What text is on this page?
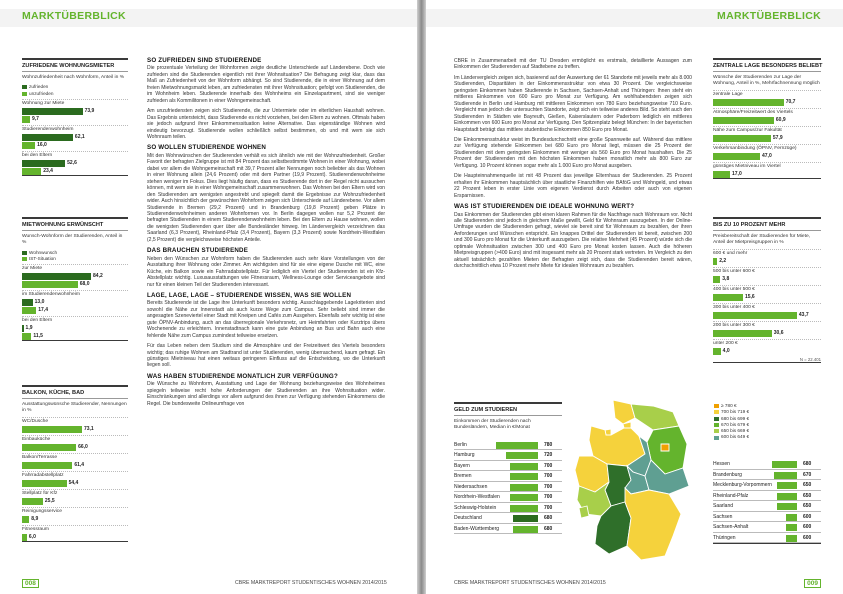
MARKTÜBERBLICK
ZUFRIEDENE WOHNUNGSMIETER
Wohnzufriedenheit nach Wohnform, Anteil in %
zufrieden
unzufrieden
Wohnung zur Miete
73,9
9,7
Studierendenwohnheim
62,1
16,0
bei den Eltern
52,6
23,4
MIETWOHNUNG ERWÜNSCHT
Wunsch-Wohnform der Studierenden, Anteil in %
Wohnwunsch
IST-Situation
zur Miete
84,2
68,0
im Studierendenwohnheim
13,0
17,4
bei den Eltern
1,9
11,5
BALKON, KÜCHE, BAD
Ausstattungswünsche Studierender, Nennungen in %
WC/Dusche
73,1
Einbauküche
66,0
Balkon/Terrasse
61,4
Fahrradabstellplatz
54,4
Stellplatz für Kfz
25,5
Reinigungsservice
8,9
Fitnessraum
6,0
SO ZUFRIEDEN SIND STUDIERENDE

Die prozentuale Verteilung der Wohnformen zeigte deutliche Unterschiede auf Länderebene. Doch wie zufrieden sind die Studierenden eigentlich mit ihrer Wohnsituation? Die Befragung zeigt klar, dass das Maß an Zufriedenheit von der Wohnform abhängt. So sind Studierende, die in einer Wohnung auf dem freien Mietwohnungsmarkt leben, am zufriedensten mit ihrer Wohnsituation; gefolgt von Studierenden, die im Wohnheim leben. Studierende innerhalb des Wohnheims ein Einzelapartment, sind sie weniger zufrieden als Kommilitonen in einer Wohngemeinschaft.

Am unzufriedensten zeigen sich Studierende, die zur Untermiete oder im elterlichen Haushalt wohnen. Das Ergebnis untersteicht, dass Studierende es nicht vorziehen, bei den Eltern zu wohnen. Oftmals haben sie jedoch aufgrund ihrer Einkommenssituation keine Alternative. Das eigenständige Wohnen wird eindeutig bevorzugt. Studierende wollen schließlich selbst bestimmen, ob und mit wem sie sich Wohnraum teilen.

SO WOLLEN STUDIERENDE WOHNEN

Mit den Wohnwünschen der Studierenden verhält es sich ähnlich wie mit der Wohnzufriedenheit. Großer Favorit der befragten Zielgruppe ist mit 84 Prozent das selbstbestimmte Wohnen in einer Wohnung, wobei dabei vor allem die Wohngemeinschaft mit 39,7 Prozent aller Nennungen noch beliebter als das Wohnen in einer Wohnung allein (24,6 Prozent) oder mit dem Partner (19,9 Prozent). Studierendenwohnheime stehen weniger im Fokus. Dies liegt häufig daran, dass es Studierende dort in der Regel nicht aussuchen können, mit wem sie in einer Wohngemeinschaft zusammenwohnen. Das Wohnen bei den Eltern wird von den Studierenden am wenigsten angestrebt und spiegelt damit die Ergebnisse zur Wohnzufriedenheit wider. Auch hinsichtlich der gewünschten Wohnform zeigen sich Unterschiede auf Länderebene. Vor allem Studierende in Bremen (29,2 Prozent) und in Brandenburg (19,8 Prozent) geben Plätze in Studierendenwohnheimen anderen Wohnformen vor. In Berlin dagegen wollen nur 5,2 Prozent der befragten Studierenden in einem Studierendenwohnheim leben. Bei den Eltern zu Hause wohnen, wollen die wenigsten Studierenden quer über alle Bundesländer hinweg. Im Ländervergleich verzeichnen das Saarland (6,3 Prozent), Rheinland-Pfalz (3,4 Prozent), Bayern (3,3 Prozent) sowie Nordrhein-Westfalen (2,5 Prozent) die vergleichsweise höchsten Anteile.

DAS BRAUCHEN STUDIERENDE

Neben den Wünschen zur Wohnform haben die Studierenden auch sehr klare Vorstellungen von der Ausstattung ihrer Wohnung oder Zimmer. Am wichtigsten sind für sie eine eigene Dusche mit WC, eine Küche, ein Balkon sowie ein Fahrradabstellplatz. Für lediglich ein Viertel der Studierenden ist ein Kfz-Abstellplatz wichtig. Luxusausstattungen wie Fitnessraum, Wellness-Lounge oder Serviceangebote sind nur für einen kleinen Teil der Studierenden interessant.

LAGE, LAGE, LAGE – STUDIERENDE WISSEN, WAS SIE WOLLEN

Bereits Studierende ist die Lage ihre Unterkunft besonders wichtig. Ausschlaggebende Lagekriterien sind sowohl die Nähe zur Innenstadt als auch kurze Wege zum Campus. Sehr beliebt sind immer die angesagten Szeneviertel einer Stadt mit Kneipen und Cafés zum Ausgehen. Ebenfalls sehr wichtig ist eine gute ÖPNV-Anbindung, auch an das überregionale Verkehrsnetz, um Heimfahrten oder Kurztrips übers Wochenende zu erleichtern. Innenstadtnach kann eine gute Anbindung an Bus und Bahn auch eine fehlende Nähe zum Campus zumindest teilweise ersetzen.

Für das Leben neben dem Studium sind die Atmosphäre und der Freizeitwert des Viertels besonders wichtig; das ruhige Wohnen am Stadtrand ist unter Studierenden, wenig überraschend, kaum gefragt. Ein günstiges Mietniveau hat einen weitaus geringeren Einfluss auf die Entscheidung, wo die Unterkunft liegen soll.

WAS HABEN STUDIERENDE MONATLICH ZUR VERFÜGUNG?

Die Wünsche zu Wohnform, Ausstattung und Lage der Wohnung beziehungsweise des Wohnheimes spiegeln teilweise recht hohe Anforderungen der Studierenden an ihre Wohnsituation wider. Einschränkungen sind allerdings vor allem aufgrund des ihnen zur Verfügung stehenden Einkommens die Regel. Die bundesweite Onlineumfrage von

008	CBRE MARKTREPORT STUDENTISCHES WOHNEN 2014/2015
MARKTÜBERBLICK

CBRE in Zusammenarbeit mit der TU Dresden ermöglicht es erstmals, detaillierte Aussagen zum Einkommen der Studierenden auf Stadtebene zu treffen.

Im Ländervergleich zeigen sich, basierend auf der Auswertung der 61 Standorte mit jeweils mehr als 8.000 Studierenden, Disparitäten in der Einkommensstruktur von etwa 30 Prozent. Die vergleichsweise geringsten Einkommen haben Studierende in Sachsen, Sachsen-Anhalt und Thüringen: Ihnen steht ein mittleres Einkommen von 600 Euro pro Monat zur Verfügung. Am wohlhabendsten zeigen sich Studierende in Berlin und Hamburg mit mittleren Einkommen von 780 Euro beziehungsweise 710 Euro. Vergleicht man jedoch die untersuchten Standorte, zeigt sich ein teilweise anderes Bild. So steht auch den Studierenden in Städten wie Bayreuth, Gießen, Kaiserslautern oder Paderborn lediglich ein mittleres Einkommen von 600 Euro pro Monat zur Verfügung. Den Spitzenplatz belegt München: In der bayerischen Hauptstadt beträgt das mittlere studentische Einkommen 850 Euro pro Monat.

Die Einkommensstruktur weist im Bundesdurchschnitt eine große Spannweite auf. Während das mittlere zur Verfügung stehende Einkommen bei 680 Euro pro Monat liegt, müssen die 25 Prozent der Studierenden mit dem geringsten Einkommen mit weniger als 560 Euro pro Monat haushalten. Die 25 Prozent der Studierenden mit den höchsten Einkommen haben monatlich mehr als 800 Euro zur Verfügung. 10 Prozent können sogar mehr als 1.000 Euro pro Monat ausgeben.

Die Haupteinnahmenquelle ist mit 48 Prozent das jeweilige Elternhaus der Studierenden. 25 Prozent erhalten ihr Einkommen hauptsächlich über staatliche Finanzhilfen wie BAföG und Wohngeld, und etwas 22 Prozent leben in erster Linie vom eigenen Verdienst durch Arbeiten oder auch von eigenen Ersparnissen.

WAS IST STUDIERENDEN DIE IDEALE WOHNUNG WERT?

Das Einkommen der Studierenden gibt einen klaren Rahmen für die Nachfrage nach Wohnraum vor. Nicht alle Studierenden sind jedoch in gleichem Maße gewillt, Geld für Wohnraum auszugeben. In der Online-Umfrage wurden die Studierenden gefragt, wieviel sie bereit sind für Wohnraum zu bezahlen, der ihren Anforderungen und Wünschen entspricht. Ein knappes Drittel der Studierenden ist bereit, zwischen 200 und 300 Euro pro Monat für die Unterkunft auszugeben. Die relative Mehrheit (45 Prozent) würde sich die optimale Wohnsituation zwischen 300 und 400 Euro pro Monat kosten lassen. Auch die höheren Mietpreisgruppen (>400 Euro) sind mit insgesamt mehr als 20 Prozent stark vertreten. Im Vergleich zu den aktuell tatsächlich gezahlten Mieten der Befragten zeigt sich, dass die Studierenden bereit wären, durchschnittlich etwa 10 Prozent mehr Miete für idealen Wohnraum zu bezahlen.

ZENTRALE LAGE BESONDERS BELIEBT
Wünsche der Studierenden zur Lage der Wohnung, Anteil in %, Mehrfachnennung möglich
zentrale Lage
70,7
Atmosphäre/Freizeitwert des Viertels
60,9
Nähe zum Campus/zur Fakultät
57,9
Verkehrsanbindung (ÖPNV, Fernzüge)
47,0
günstiges Mietniveau im Viertel
17,0
BIS ZU 10 PROZENT MEHR
Preisbereitschaft der Studierenden für Miete, Anteil der Mietpreisgruppen in %
600 € und mehr
2,2
500 bis unter 600 €
3,8
400 bis unter 500 €
15,6
300 bis unter 400 €
43,7
200 bis unter 300 €
30,6
unter 200 €
4,0
N = 22.401
GELD ZUM STUDIEREN
Einkommen der Studierenden nach Bundesländern, Median in €/Monat
Berlin	780
Hamburg	720
Bayern	700
Bremen	700
Niedersachsen	700
Nordrhein-Westfalen	700
Schleswig-Holstein	700
Deutschland	680
Baden-Württemberg	680
≥ 780 €
700 bis 719 €
680 bis 699 €
670 bis 679 €
650 bis 669 €
600 bis 649 €
Hessen	680
Brandenburg	670
Mecklenburg-Vorpommern	650
Rheinland-Pfalz	650
Saarland	650
Sachsen	600
Sachsen-Anhalt	600
Thüringen	600
CBRE MARKTREPORT STUDENTISCHES WOHNEN 2014/2015	009
